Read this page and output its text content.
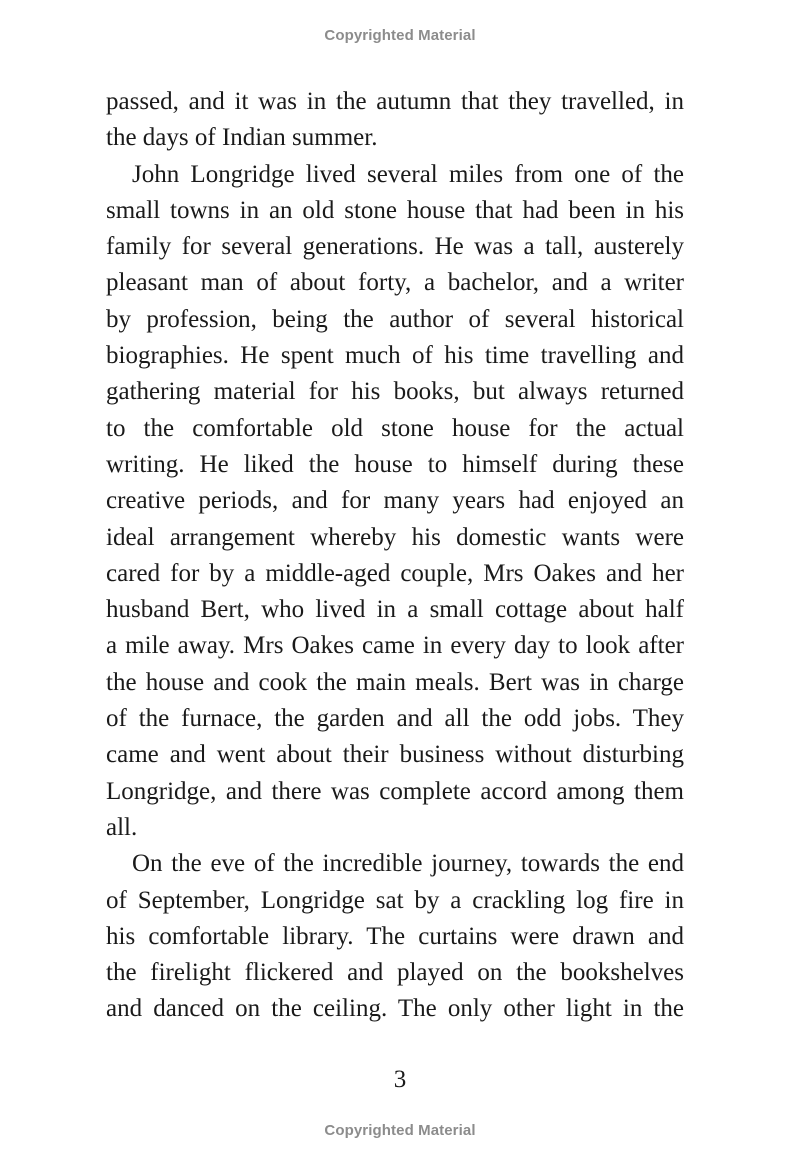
Copyrighted Material
passed, and it was in the autumn that they travelled, in
the days of Indian summer.
John Longridge lived several miles from one of the
small towns in an old stone house that had been in his
family for several generations. He was a tall, austerely
pleasant man of about forty, a bachelor, and a writer
by profession, being the author of several historical
biographies. He spent much of his time travelling and
gathering material for his books, but always returned
to the comfortable old stone house for the actual
writing. He liked the house to himself during these
creative periods, and for many years had enjoyed an
ideal arrangement whereby his domestic wants were
cared for by a middle-aged couple, Mrs Oakes and her
husband Bert, who lived in a small cottage about half
a mile away. Mrs Oakes came in every day to look after
the house and cook the main meals. Bert was in charge
of the furnace, the garden and all the odd jobs. They
came and went about their business without disturbing
Longridge, and there was complete accord among them
all.
On the eve of the incredible journey, towards the end
of September, Longridge sat by a crackling log fire in
his comfortable library. The curtains were drawn and
the firelight flickered and played on the bookshelves
and danced on the ceiling. The only other light in the
3
Copyrighted Material
